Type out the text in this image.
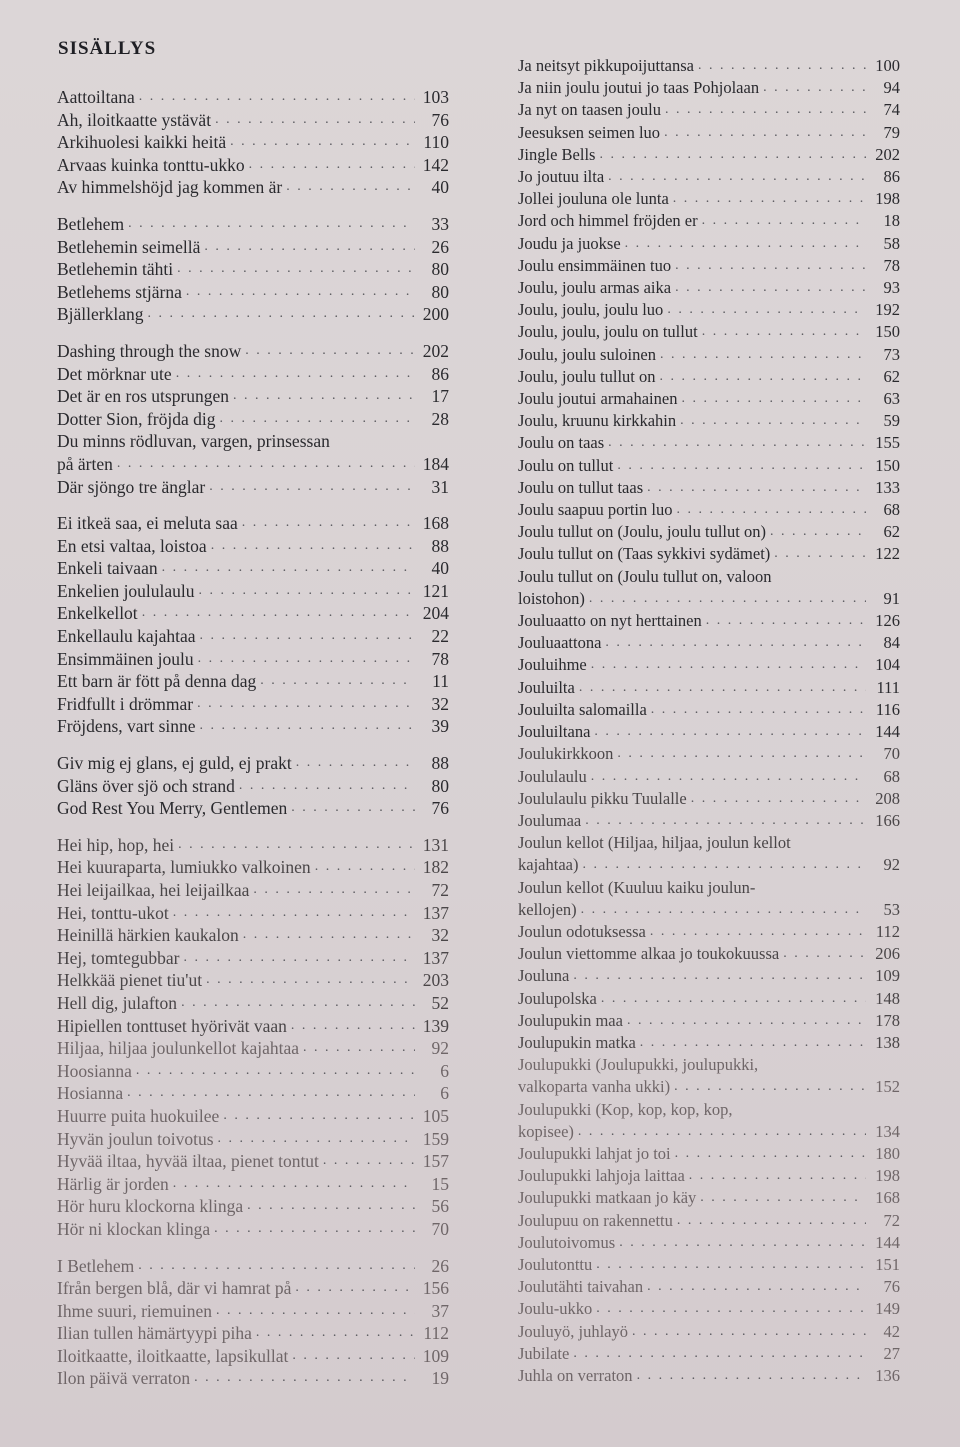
SISÄLLYS
Aattoiltana . . .	103
Ah, iloitkaatte ystävät . . .	76
Arkihuolesi kaikki heitä . . .	110
Arvaas kuinka tonttu-ukko . . .	142
Av himmelshöjd jag kommen är . . .	40
Betlehem . . .	33
Betlehemin seimellä . . .	26
Betlehemin tähti . . .	80
Betlehems stjärna . . .	80
Bjällerklang . . .	200
Dashing through the snow . . .	202
Det mörknar ute . . .	86
Det är en ros utsprungen . . .	17
Dotter Sion, fröjda dig . . .	28
Du minns rödluvan, vargen, prinsessan
på ärten . . .	184
Där sjöngo tre änglar . . .	31
Ei itkeä saa, ei meluta saa . . .	168
En etsi valtaa, loistoa . . .	88
Enkeli taivaan . . .	40
Enkelien joululaulu . . .	121
Enkelkellot . . .	204
Enkellaulu kajahtaa . . .	22
Ensimmäinen joulu . . .	78
Ett barn är fött på denna dag . . .	11
Fridfullt i drömmar . . .	32
Fröjdens, vart sinne . . .	39
Giv mig ej glans, ej guld, ej prakt . . .	88
Gläns över sjö och strand . . .	80
God Rest You Merry, Gentlemen . . .	76
Hei hip, hop, hei . . .	131
Hei kuuraparta, lumiukko valkoinen . . .	182
Hei leijailkaa, hei leijailkaa . . .	72
Hei, tonttu-ukot . . .	137
Heinillä härkien kaukalon . . .	32
Hej, tomtegubbar . . .	137
Helkkää pienet tiu'ut . . .	203
Hell dig, julafton . . .	52
Hipiellen tonttuset hyörivät vaan . . .	139
Hiljaa, hiljaa joulunkellot kajahtaa . . .	92
Hoosianna . . .	6
Hosianna . . .	6
Huurre puita huokuilee . . .	105
Hyvän joulun toivotus . . .	159
Hyvää iltaa, hyvää iltaa, pienet tontut . . .	157
Härlig är jorden . . .	15
Hör huru klockorna klinga . . .	56
Hör ni klockan klinga . . .	70
I Betlehem . . .	26
Ifrån bergen blå, där vi hamrat på . . .	156
Ihme suuri, riemuinen . . .	37
Ilian tullen hämärtyypi piha . . .	112
Iloitkaatte, iloitkaatte, lapsikullat . . .	109
Ilon päivä verraton . . .	19
Ja neitsyt pikkupoijuttansa . . .	100
Ja niin joulu joutui jo taas Pohjolaan . . .	94
Ja nyt on taasen joulu . . .	74
Jeesuksen seimen luo . . .	79
Jingle Bells . . .	202
Jo joutuu ilta . . .	86
Jollei jouluna ole lunta . . .	198
Jord och himmel fröjden er . . .	18
Joudu ja juokse . . .	58
Joulu ensimmäinen tuo . . .	78
Joulu, joulu armas aika . . .	93
Joulu, joulu, joulu luo . . .	192
Joulu, joulu, joulu on tullut . . .	150
Joulu, joulu suloinen . . .	73
Joulu, joulu tullut on . . .	62
Joulu joutui armahainen . . .	63
Joulu, kruunu kirkkahin . . .	59
Joulu on taas . . .	155
Joulu on tullut . . .	150
Joulu on tullut taas . . .	133
Joulu saapuu portin luo . . .	68
Joulu tullut on (Joulu, joulu tullut on) . . .	62
Joulu tullut on (Taas sykkivi sydämet) . . .	122
Joulu tullut on (Joulu tullut on, valoon
loistohon) . . .	91
Jouluaatto on nyt herttainen . . .	126
Jouluaattona . . .	84
Jouluihme . . .	104
Jouluilta . . .	111
Jouluilta salomailla . . .	116
Jouluiltana . . .	144
Joulukirkkoon . . .	70
Joululaulu . . .	68
Joululaulu pikku Tuulalle . . .	208
Joulumaa . . .	166
Joulun kellot (Hiljaa, hiljaa, joulun kellot
kajahtaa) . . .	92
Joulun kellot (Kuuluu kaiku joulun-
kellojen) . . .	53
Joulun odotuksessa . . .	112
Joulun viettomme alkaa jo toukokuussa . . .	206
Jouluna . . .	109
Joulupolska . . .	148
Joulupukin maa . . .	178
Joulupukin matka . . .	138
Joulupukki (Joulupukki, joulupukki,
valkoparta vanha ukki) . . .	152
Joulupukki (Kop, kop, kop, kop,
kopisee) . . .	134
Joulupukki lahjat jo toi . . .	180
Joulupukki lahjoja laittaa . . .	198
Joulupukki matkaan jo käy . . .	168
Joulupuu on rakennettu . . .	72
Joulutoivomus . . .	144
Joulutonttu . . .	151
Joulutähti taivahan . . .	76
Joulu-ukko . . .	149
Jouluyö, juhlayö . . .	42
Jubilate . . .	27
Juhla on verraton . . .	136
